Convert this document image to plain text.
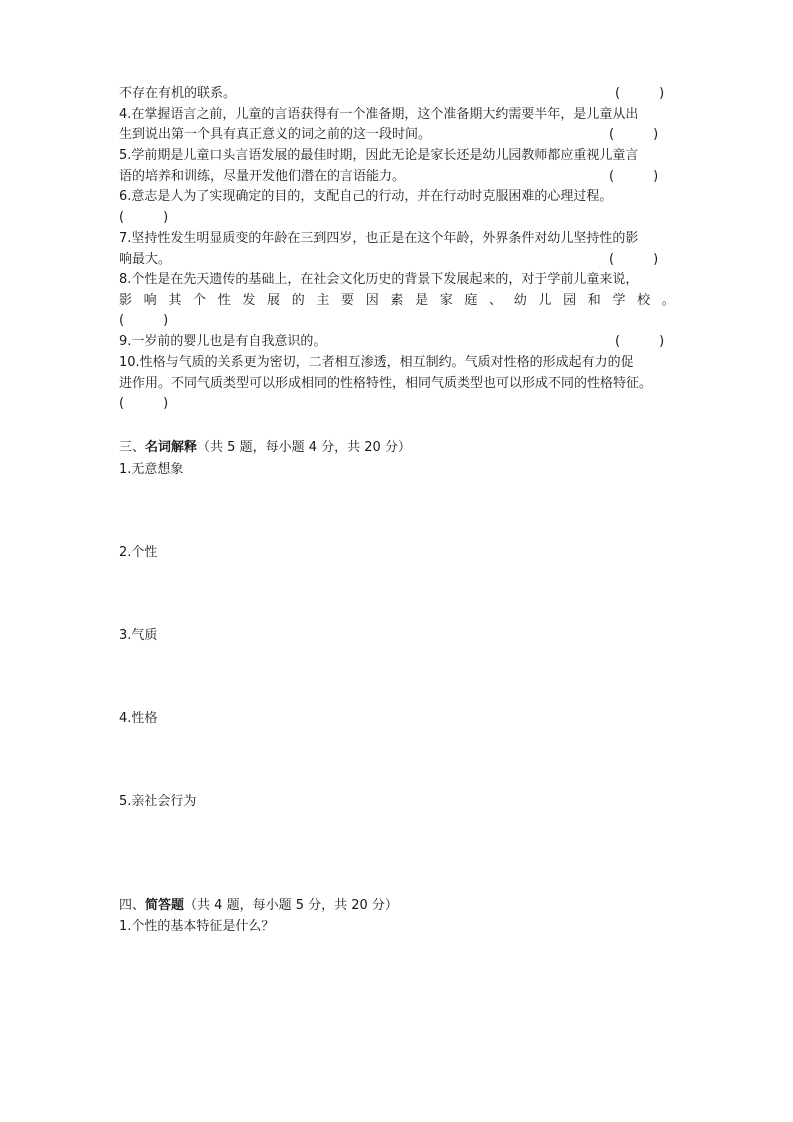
不存在有机的联系。	(　　　)
4.在掌握语言之前，儿童的言语获得有一个准备期，这个准备期大约需要半年，是儿童从出
生到说出第一个具有真正意义的词之前的这一段时间。	(　　　)
5.学前期是儿童口头言语发展的最佳时期，因此无论是家长还是幼儿园教师都应重视儿童言
语的培养和训练，尽量开发他们潜在的言语能力。	(　　　)
6.意志是人为了实现确定的目的，支配自己的行动，并在行动时克服困难的心理过程。
(　　　)
7.坚持性发生明显质变的年龄在三到四岁，也正是在这个年龄，外界条件对幼儿坚持性的影
响最大。	(　　　)
8.个性是在先天遗传的基础上，在社会文化历史的背景下发展起来的，对于学前儿童来说，
影 响 其 个 性 发 展 的 主 要 因 素 是 家 庭 、 幼 儿 园 和 学 校 。
(　　　)
9.一岁前的婴儿也是有自我意识的。	(　　　)
10.性格与气质的关系更为密切，二者相互渗透，相互制约。气质对性格的形成起有力的促
进作用。不同气质类型可以形成相同的性格特性，相同气质类型也可以形成不同的性格特征。
(　　　)

三、名词解释（共 5 题，每小题 4 分，共 20 分）

1.无意想象

2.个性

3.气质

4.性格

5.亲社会行为

四、简答题（共 4 题，每小题 5 分，共 20 分）

1.个性的基本特征是什么？
